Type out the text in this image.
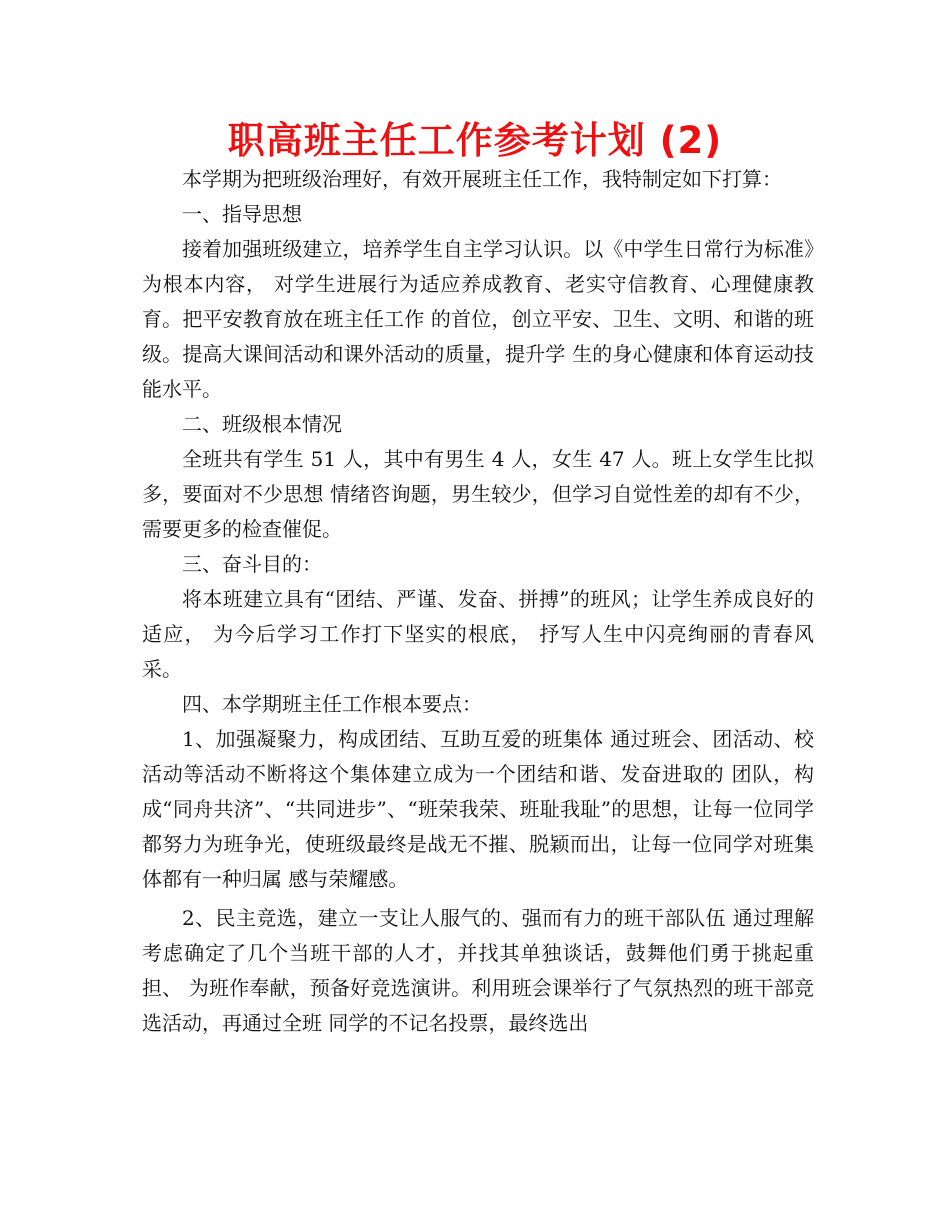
职高班主任工作参考计划 (2)

本学期为把班级治理好，有效开展班主任工作，我特制定如下打算：

一、指导思想

接着加强班级建立，培养学生自主学习认识。以《中学生日常行为标准》为根本内容， 对学生进展行为适应养成教育、老实守信教育、心理健康教育。把平安教育放在班主任工作 的首位，创立平安、卫生、文明、和谐的班级。提高大课间活动和课外活动的质量，提升学 生的身心健康和体育运动技能水平。

二、班级根本情况

全班共有学生 51 人，其中有男生 4 人，女生 47 人。班上女学生比拟多，要面对不少思想 情绪咨询题，男生较少，但学习自觉性差的却有不少，需要更多的检查催促。

三、奋斗目的：

将本班建立具有“团结、严谨、发奋、拼搏”的班风；让学生养成良好的适应， 为今后学习工作打下坚实的根底， 抒写人生中闪亮绚丽的青春风采。

四、本学期班主任工作根本要点：

1、加强凝聚力，构成团结、互助互爱的班集体 通过班会、团活动、校活动等活动不断将这个集体建立成为一个团结和谐、发奋进取的 团队，构成“同舟共济”、“共同进步”、“班荣我荣、班耻我耻”的思想，让每一位同学 都努力为班争光，使班级最终是战无不摧、脱颖而出，让每一位同学对班集体都有一种归属 感与荣耀感。

2、民主竞选，建立一支让人服气的、强而有力的班干部队伍 通过理解考虑确定了几个当班干部的人才，并找其单独谈话，鼓舞他们勇于挑起重担、 为班作奉献，预备好竞选演讲。利用班会课举行了气氛热烈的班干部竞选活动，再通过全班 同学的不记名投票，最终选出
